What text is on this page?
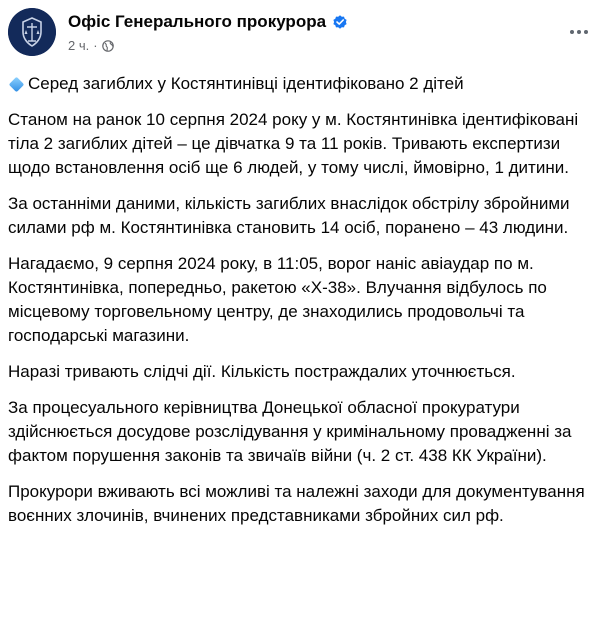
Офіс Генерального прокурора
2 ч. ·

Серед загиблих у Костянтинівці ідентифіковано 2 дітей

Станом на ранок 10 серпня 2024 року у м. Костянтинівка ідентифіковані тіла 2 загиблих дітей – це дівчатка 9 та 11 років. Тривають експертизи щодо встановлення осіб ще 6 людей, у тому числі, ймовірно, 1 дитини.

За останніми даними, кількість загиблих внаслідок обстрілу збройними силами рф м. Костянтинівка становить 14 осіб, поранено – 43 людини.

Нагадаємо, 9 серпня 2024 року, в 11:05, ворог наніс авіаудар по м. Костянтинівка, попередньо, ракетою «Х-38». Влучання відбулось по місцевому торговельному центру, де знаходились продовольчі та господарські магазини.

Наразі тривають слідчі дії. Кількість постраждалих уточнюється.

За процесуального керівництва Донецької обласної прокуратури здійснюється досудове розслідування у кримінальному провадженні за фактом порушення законів та звичаїв війни (ч. 2 ст. 438 КК України).

Прокурори вживають всі можливі та належні заходи для документування воєнних злочинів, вчинених представниками збройних сил рф.
